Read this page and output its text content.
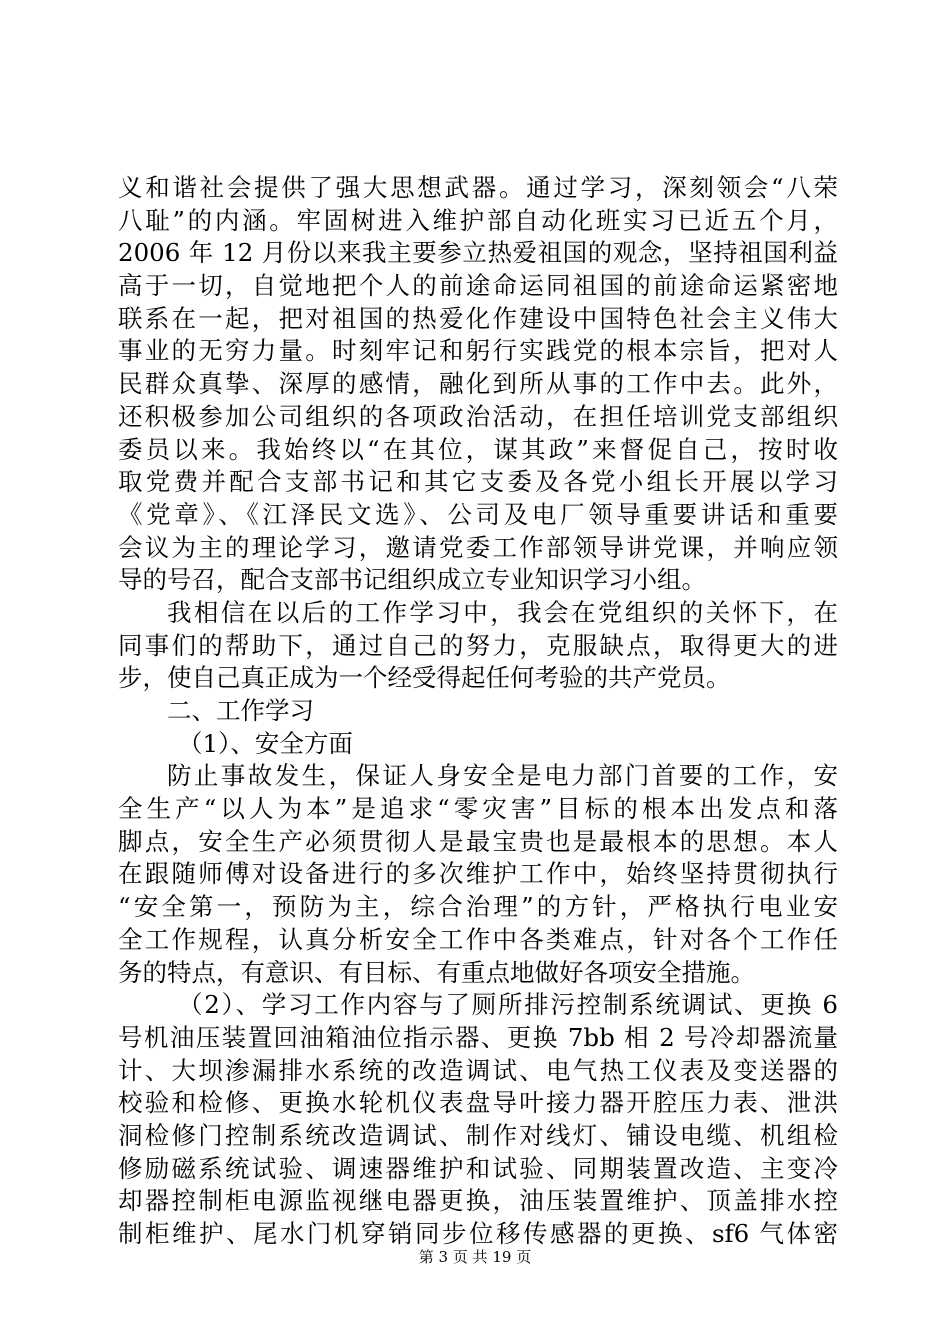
义和谐社会提供了强大思想武器。通过学习，深刻领会“八荣

八耻”的内涵。牢固树进入维护部自动化班实习已近五个月，

2006 年 12 月份以来我主要参立热爱祖国的观念，坚持祖国利益

高于一切，自觉地把个人的前途命运同祖国的前途命运紧密地

联系在一起，把对祖国的热爱化作建设中国特色社会主义伟大

事业的无穷力量。时刻牢记和躬行实践党的根本宗旨，把对人

民群众真挚、深厚的感情，融化到所从事的工作中去。此外，

还积极参加公司组织的各项政治活动，在担任培训党支部组织

委员以来。我始终以“在其位，谋其政”来督促自己，按时收

取党费并配合支部书记和其它支委及各党小组长开展以学习

《党章》、《江泽民文选》、公司及电厂领导重要讲话和重要

会议为主的理论学习，邀请党委工作部领导讲党课，并响应领

导的号召，配合支部书记组织成立专业知识学习小组。

我相信在以后的工作学习中，我会在党组织的关怀下，在

同事们的帮助下，通过自己的努力，克服缺点，取得更大的进

步，使自己真正成为一个经受得起任何考验的共产党员。

二、工作学习

（1）、安全方面

防止事故发生，保证人身安全是电力部门首要的工作，安

全生产“以人为本”是追求“零灾害”目标的根本出发点和落

脚点，安全生产必须贯彻人是最宝贵也是最根本的思想。本人

在跟随师傅对设备进行的多次维护工作中，始终坚持贯彻执行

“安全第一，预防为主，综合治理”的方针，严格执行电业安

全工作规程，认真分析安全工作中各类难点，针对各个工作任

务的特点，有意识、有目标、有重点地做好各项安全措施。

（2）、学习工作内容与了厕所排污控制系统调试、更换 6

号机油压装置回油箱油位指示器、更换 7bb 相 2 号冷却器流量

计、大坝渗漏排水系统的改造调试、电气热工仪表及变送器的

校验和检修、更换水轮机仪表盘导叶接力器开腔压力表、泄洪

洞检修门控制系统改造调试、制作对线灯、铺设电缆、机组检

修励磁系统试验、调速器维护和试验、同期装置改造、主变冷

却器控制柜电源监视继电器更换，油压装置维护、顶盖排水控

制柜维护、尾水门机穿销同步位移传感器的更换、sf6 气体密

第 3 页 共 19 页
